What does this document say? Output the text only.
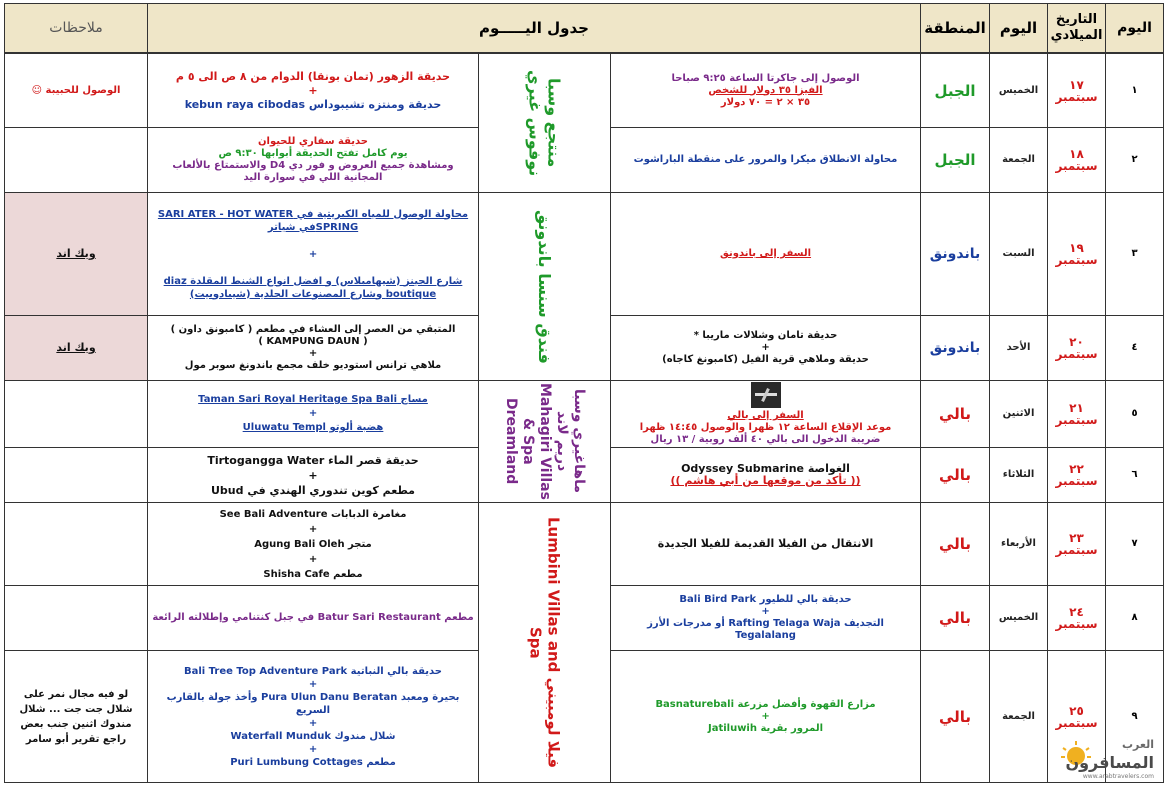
اليوم
التاريخ الميلادي
اليوم
المنطقة
جدول اليـــــوم
ملاحظات
١
٢
٣
٤
٥
٦
٧
٨
٩
١٧ سبتمبر
١٨ سبتمبر
١٩ سبتمبر
٢٠ سبتمبر
٢١ سبتمبر
٢٢ سبتمبر
٢٣ سبتمبر
٢٤ سبتمبر
٢٥ سبتمبر
الخميس
الجمعة
السبت
الأحد
الاثنين
الثلاثاء
الأربعاء
الخميس
الجمعة
الجبل
الجبل
باندونق
باندونق
بالي
بالي
بالي
بالي
بالي
الوصول إلى جاكرتا الساعة ٩:٢٥ صباحا
الفيزا ٣٥ دولار للشخص
٣٥ × ٢ = ٧٠ دولار
محاولة الانطلاق ميكرا والمرور على منقطة الباراشوت
السفر إلى باندونق
حديقة تامان وشلالات ماريبا *
+
حديقة وملاهي قرية الفيل (كامبونغ كاجاه)
السفر إلى بالي
موعد الإقلاع الساعة ١٢ ظهرا والوصول ١٤:٤٥ ظهرا
ضريبة الدخول الى بالي ٤٠ ألف روبية / ١٣ ريال
الغواصة Odyssey Submarine
(( تأكد من موقعها من أبي هاشم ))
الانتقال من الفيلا القديمة للفيلا الجديدة
حديقة بالي للطيور Bali Bird Park
+
التجديف Rafting Telaga Waja أو مدرجات الأرز
Tegalalang
مزارع القهوة وأفضل مزرعة Basnaturebali
+
المرور بقرية Jatiluwih
منتجع وسبا نوفوس غيري
فندق سنسا باندونق
ماهاغيري وسبا دريم لاند Mahagiri Villas & Spa Dreamland
فيلا لومبيني Lumbini Villas and Spa
حديقة الزهور (تمان بونقا) الدوام من ٨ ص الى ٥ م
+
حديقة ومنتزه تشيبوداس kebun raya cibodas
حديقة سفاري للحيوان
يوم كامل تفتح الحديقة أبوابها ٩:٣٠ ص
ومشاهدة جميع العروض و فور دي D4 والاستمتاع بالألعاب
المجانية اللي في سوارة اليد
محاولة الوصول للمياه الكبريتية في SARI ATER - HOT WATER
SPRINGفي شياتر
+
شارع الجينز (شيهامبلاس) و افضل انواع الشنط المقلدة diaz
boutique وشارع المصنوعات الجلدية (شيبادوبيت)
المتبقي من العصر إلى العشاء في مطعم ( كامبونق داون )
( KAMPUNG DAUN )
+
ملاهي ترانس استوديو خلف مجمع باندونغ سوبر مول
مساج Taman Sari Royal Heritage Spa Bali
+
هضبة ألوتو Uluwatu Templ
حديقة قصر الماء Tirtogangga Water
+
مطعم كوين تندوري الهندي في Ubud
مغامرة الدبابات See Bali Adventure
+
متجر Agung Bali Oleh
+
مطعم Shisha Cafe
مطعم Batur Sari Restaurant في جبل كنتنامي وإطلالته الرائعة
حديقة بالي النباتية Bali Tree Top Adventure Park
+
بحيرة ومعبد Pura Ulun Danu Beratan وأخذ جولة بالقارب
السريع
+
شلال مندوك Waterfall Munduk
+
مطعم Puri Lumbung Cottages
الوصول للحبيبة ☺
ويك اند
ويك اند
لو فيه مجال نمر على شلال جت جت ... شلال مندوك اثنين جنب بعض راجع تقرير أبو سامر	العرب
المسافرون
www.arabtravelers.com
